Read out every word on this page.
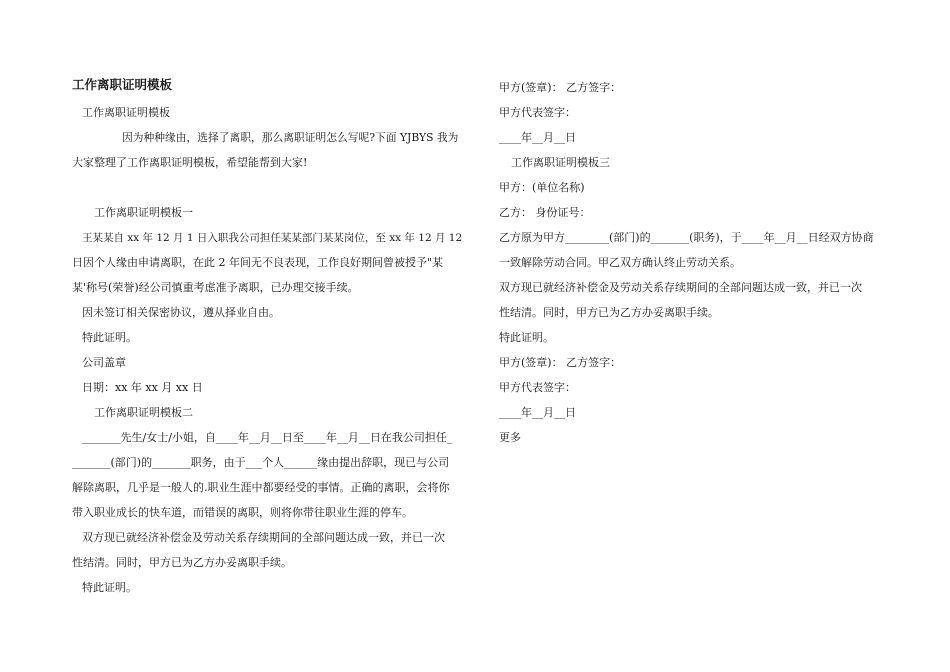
工作离职证明模板
工作离职证明模板
因为种种缘由，选择了离职，那么离职证明怎么写呢?下面 YJBYS 我为
大家整理了工作离职证明模板，希望能帮到大家!
工作离职证明模板一
王某某自 xx 年 12 月 1 日入职我公司担任某某部门某某岗位，至 xx 年 12 月 12
日因个人缘由申请离职，在此 2 年间无不良表现，工作良好期间曾被授予"某
某'称号(荣誉)经公司慎重考虑准予离职，已办理交接手续。
因未签订相关保密协议，遵从择业自由。
特此证明。
公司盖章
日期：xx 年 xx 月 xx 日
工作离职证明模板二
_______先生/女士/小姐，自____年__月__日至____年__月__日在我公司担任_
_______(部门)的_______职务，由于___个人______缘由提出辞职，现已与公司
解除离职，几乎是一般人的.职业生涯中都要经受的事情。正确的离职，会将你
带入职业成长的快车道，而错误的离职，则将你带往职业生涯的停车。
双方现已就经济补偿金及劳动关系存续期间的全部问题达成一致，并已一次
性结清。同时，甲方已为乙方办妥离职手续。
特此证明。
甲方(签章)： 乙方签字：
甲方代表签字：
____年__月__日
工作离职证明模板三
甲方：(单位名称)
乙方： 身份证号：
乙方原为甲方________(部门)的_______(职务)，于____年__月__日经双方协商
一致解除劳动合同。甲乙双方确认终止劳动关系。
双方现已就经济补偿金及劳动关系存续期间的全部问题达成一致，并已一次
性结清。同时，甲方已为乙方办妥离职手续。
特此证明。
甲方(签章)： 乙方签字：
甲方代表签字：
____年__月__日
更多
